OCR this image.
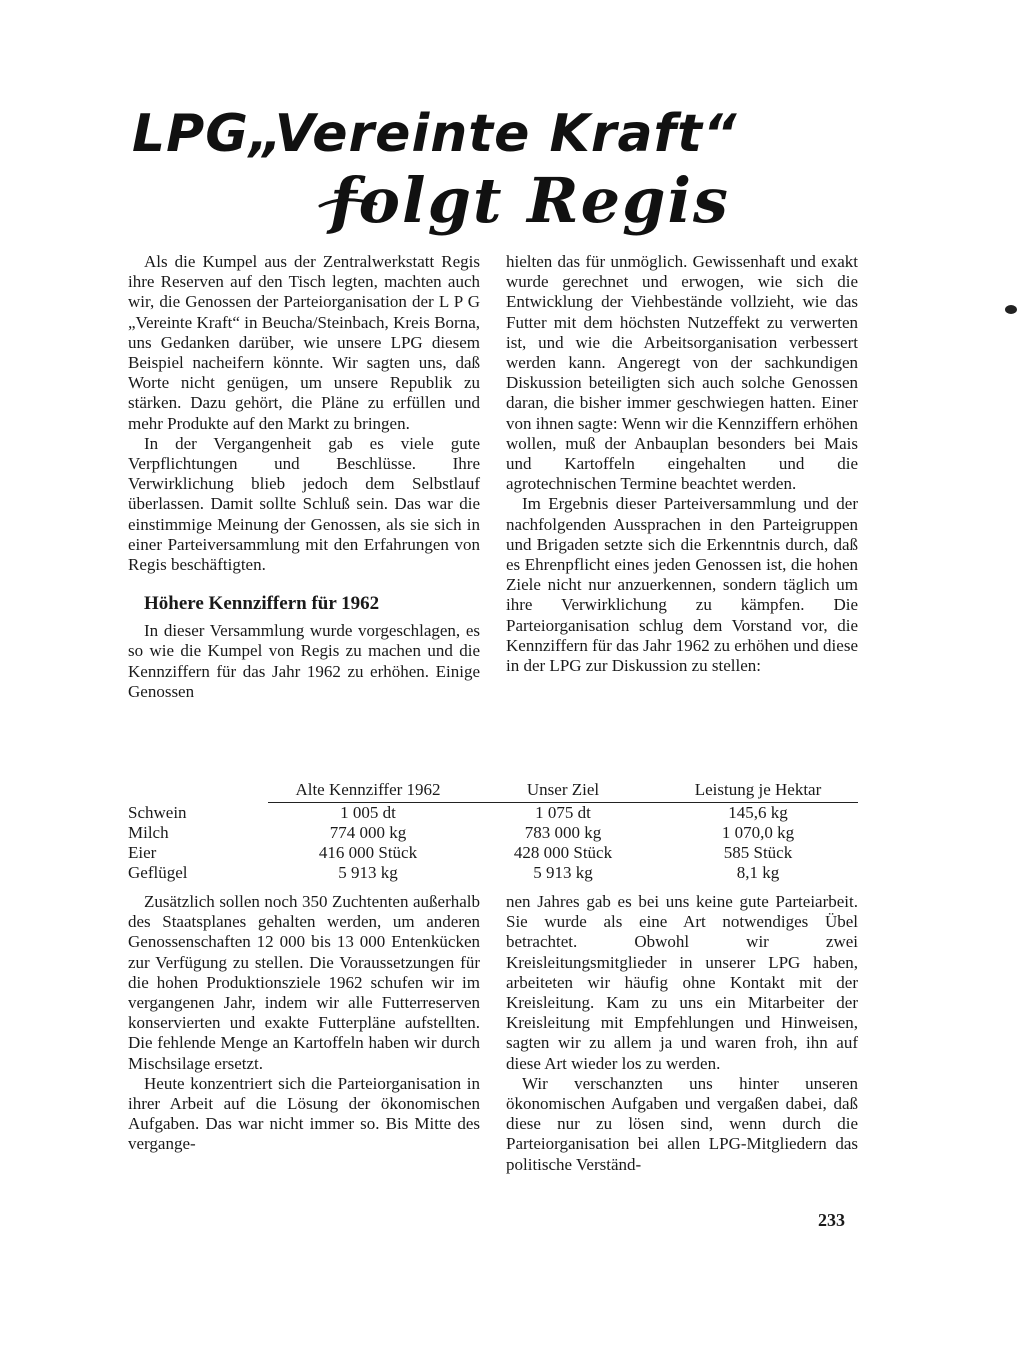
LPG„Vereinte Kraft“
folgt Regis

Als die Kumpel aus der Zentralwerkstatt Regis ihre Reserven auf den Tisch legten, machten auch wir, die Genossen der Parteiorganisation der L P G „Vereinte Kraft“ in Beucha/Steinbach, Kreis Borna, uns Gedanken darüber, wie unsere LPG diesem Beispiel nacheifern könnte. Wir sagten uns, daß Worte nicht genügen, um unsere Republik zu stärken. Dazu gehört, die Pläne zu erfüllen und mehr Produkte auf den Markt zu bringen.

In der Vergangenheit gab es viele gute Verpflichtungen und Beschlüsse. Ihre Verwirklichung blieb jedoch dem Selbstlauf überlassen. Damit sollte Schluß sein. Das war die einstimmige Meinung der Genossen, als sie sich in einer Parteiversammlung mit den Erfahrungen von Regis beschäftigten.

Höhere Kennziffern für 1962

In dieser Versammlung wurde vorgeschlagen, es so wie die Kumpel von Regis zu machen und die Kennziffern für das Jahr 1962 zu erhöhen. Einige Genossen

hielten das für unmöglich. Gewissenhaft und exakt wurde gerechnet und erwogen, wie sich die Entwicklung der Viehbestände vollzieht, wie das Futter mit dem höchsten Nutzeffekt zu verwerten ist, und wie die Arbeitsorganisation verbessert werden kann. Angeregt von der sachkundigen Diskussion beteiligten sich auch solche Genossen daran, die bisher immer geschwiegen hatten. Einer von ihnen sagte: Wenn wir die Kennziffern erhöhen wollen, muß der Anbauplan besonders bei Mais und Kartoffeln eingehalten und die agrotechnischen Termine beachtet werden.

Im Ergebnis dieser Parteiversammlung und der nachfolgenden Aussprachen in den Parteigruppen und Brigaden setzte sich die Erkenntnis durch, daß es Ehrenpflicht eines jeden Genossen ist, die hohen Ziele nicht nur anzuerkennen, sondern täglich um ihre Verwirklichung zu kämpfen. Die Parteiorganisation schlug dem Vorstand vor, die Kennziffern für das Jahr 1962 zu erhöhen und diese in der LPG zur Diskussion zu stellen:

	Alte Kennziffer 1962	Unser Ziel	Leistung je Hektar
Schwein	1 005 dt	1 075 dt	145,6 kg
Milch	774 000 kg	783 000 kg	1 070,0 kg
Eier	416 000 Stück	428 000 Stück	585 Stück
Geflügel	5 913 kg	5 913 kg	8,1 kg

Zusätzlich sollen noch 350 Zuchtenten außerhalb des Staatsplanes gehalten werden, um anderen Genossenschaften 12 000 bis 13 000 Entenkücken zur Verfügung zu stellen. Die Voraussetzungen für die hohen Produktionsziele 1962 schufen wir im vergangenen Jahr, indem wir alle Futterreserven konservierten und exakte Futterpläne aufstellten. Die fehlende Menge an Kartoffeln haben wir durch Mischsilage ersetzt.

Heute konzentriert sich die Parteiorganisation in ihrer Arbeit auf die Lösung der ökonomischen Aufgaben. Das war nicht immer so. Bis Mitte des vergange-

nen Jahres gab es bei uns keine gute Parteiarbeit. Sie wurde als eine Art notwendiges Übel betrachtet. Obwohl wir zwei Kreisleitungsmitglieder in unserer LPG haben, arbeiteten wir häufig ohne Kontakt mit der Kreisleitung. Kam zu uns ein Mitarbeiter der Kreisleitung mit Empfehlungen und Hinweisen, sagten wir zu allem ja und waren froh, ihn auf diese Art wieder los zu werden.

Wir verschanzten uns hinter unseren ökonomischen Aufgaben und vergaßen dabei, daß diese nur zu lösen sind, wenn durch die Parteiorganisation bei allen LPG-Mitgliedern das politische Verständ-

233
